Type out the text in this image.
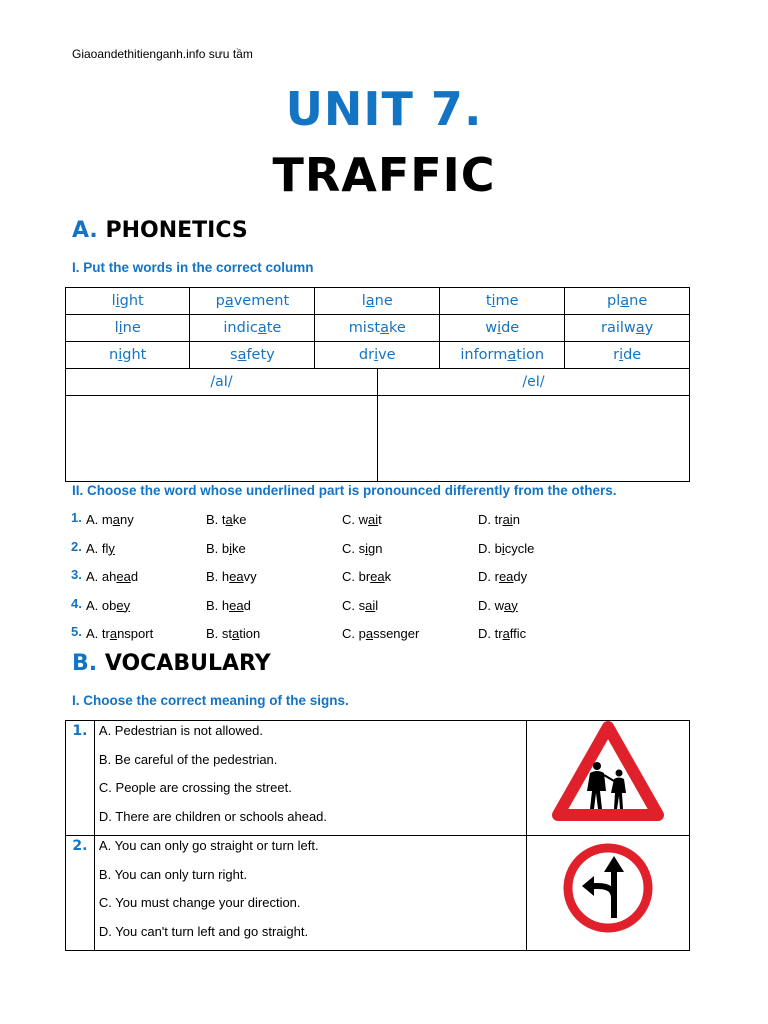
Giaoandethitienganh.info sưu tầm
UNIT 7.
TRAFFIC
A. PHONETICS
I. Put the words in the correct column
light	pavement	lane	time	plane
line	indicate	mistake	wide	railway
night	safety	drive	information	ride
/aI/	/eI/

II. Choose the word whose underlined part is pronounced differently from the others.
1. A. many	B. take	C. wait	D. train
2. A. fly	B. bike	C. sign	D. bicycle
3. A. ahead	B. heavy	C. break	D. ready
4. A. obey	B. head	C. sail	D. way
5. A. transport	B. station	C. passenger	D. traffic
B. VOCABULARY
I. Choose the correct meaning of the signs.
1.	A. Pedestrian is not allowed.
B. Be careful of the pedestrian.
C. People are crossing the street.
D. There are children or schools ahead.

2.	A. You can only go straight or turn left.
B. You can only turn right.
C. You must change your direction.
D. You can't turn left and go straight.
